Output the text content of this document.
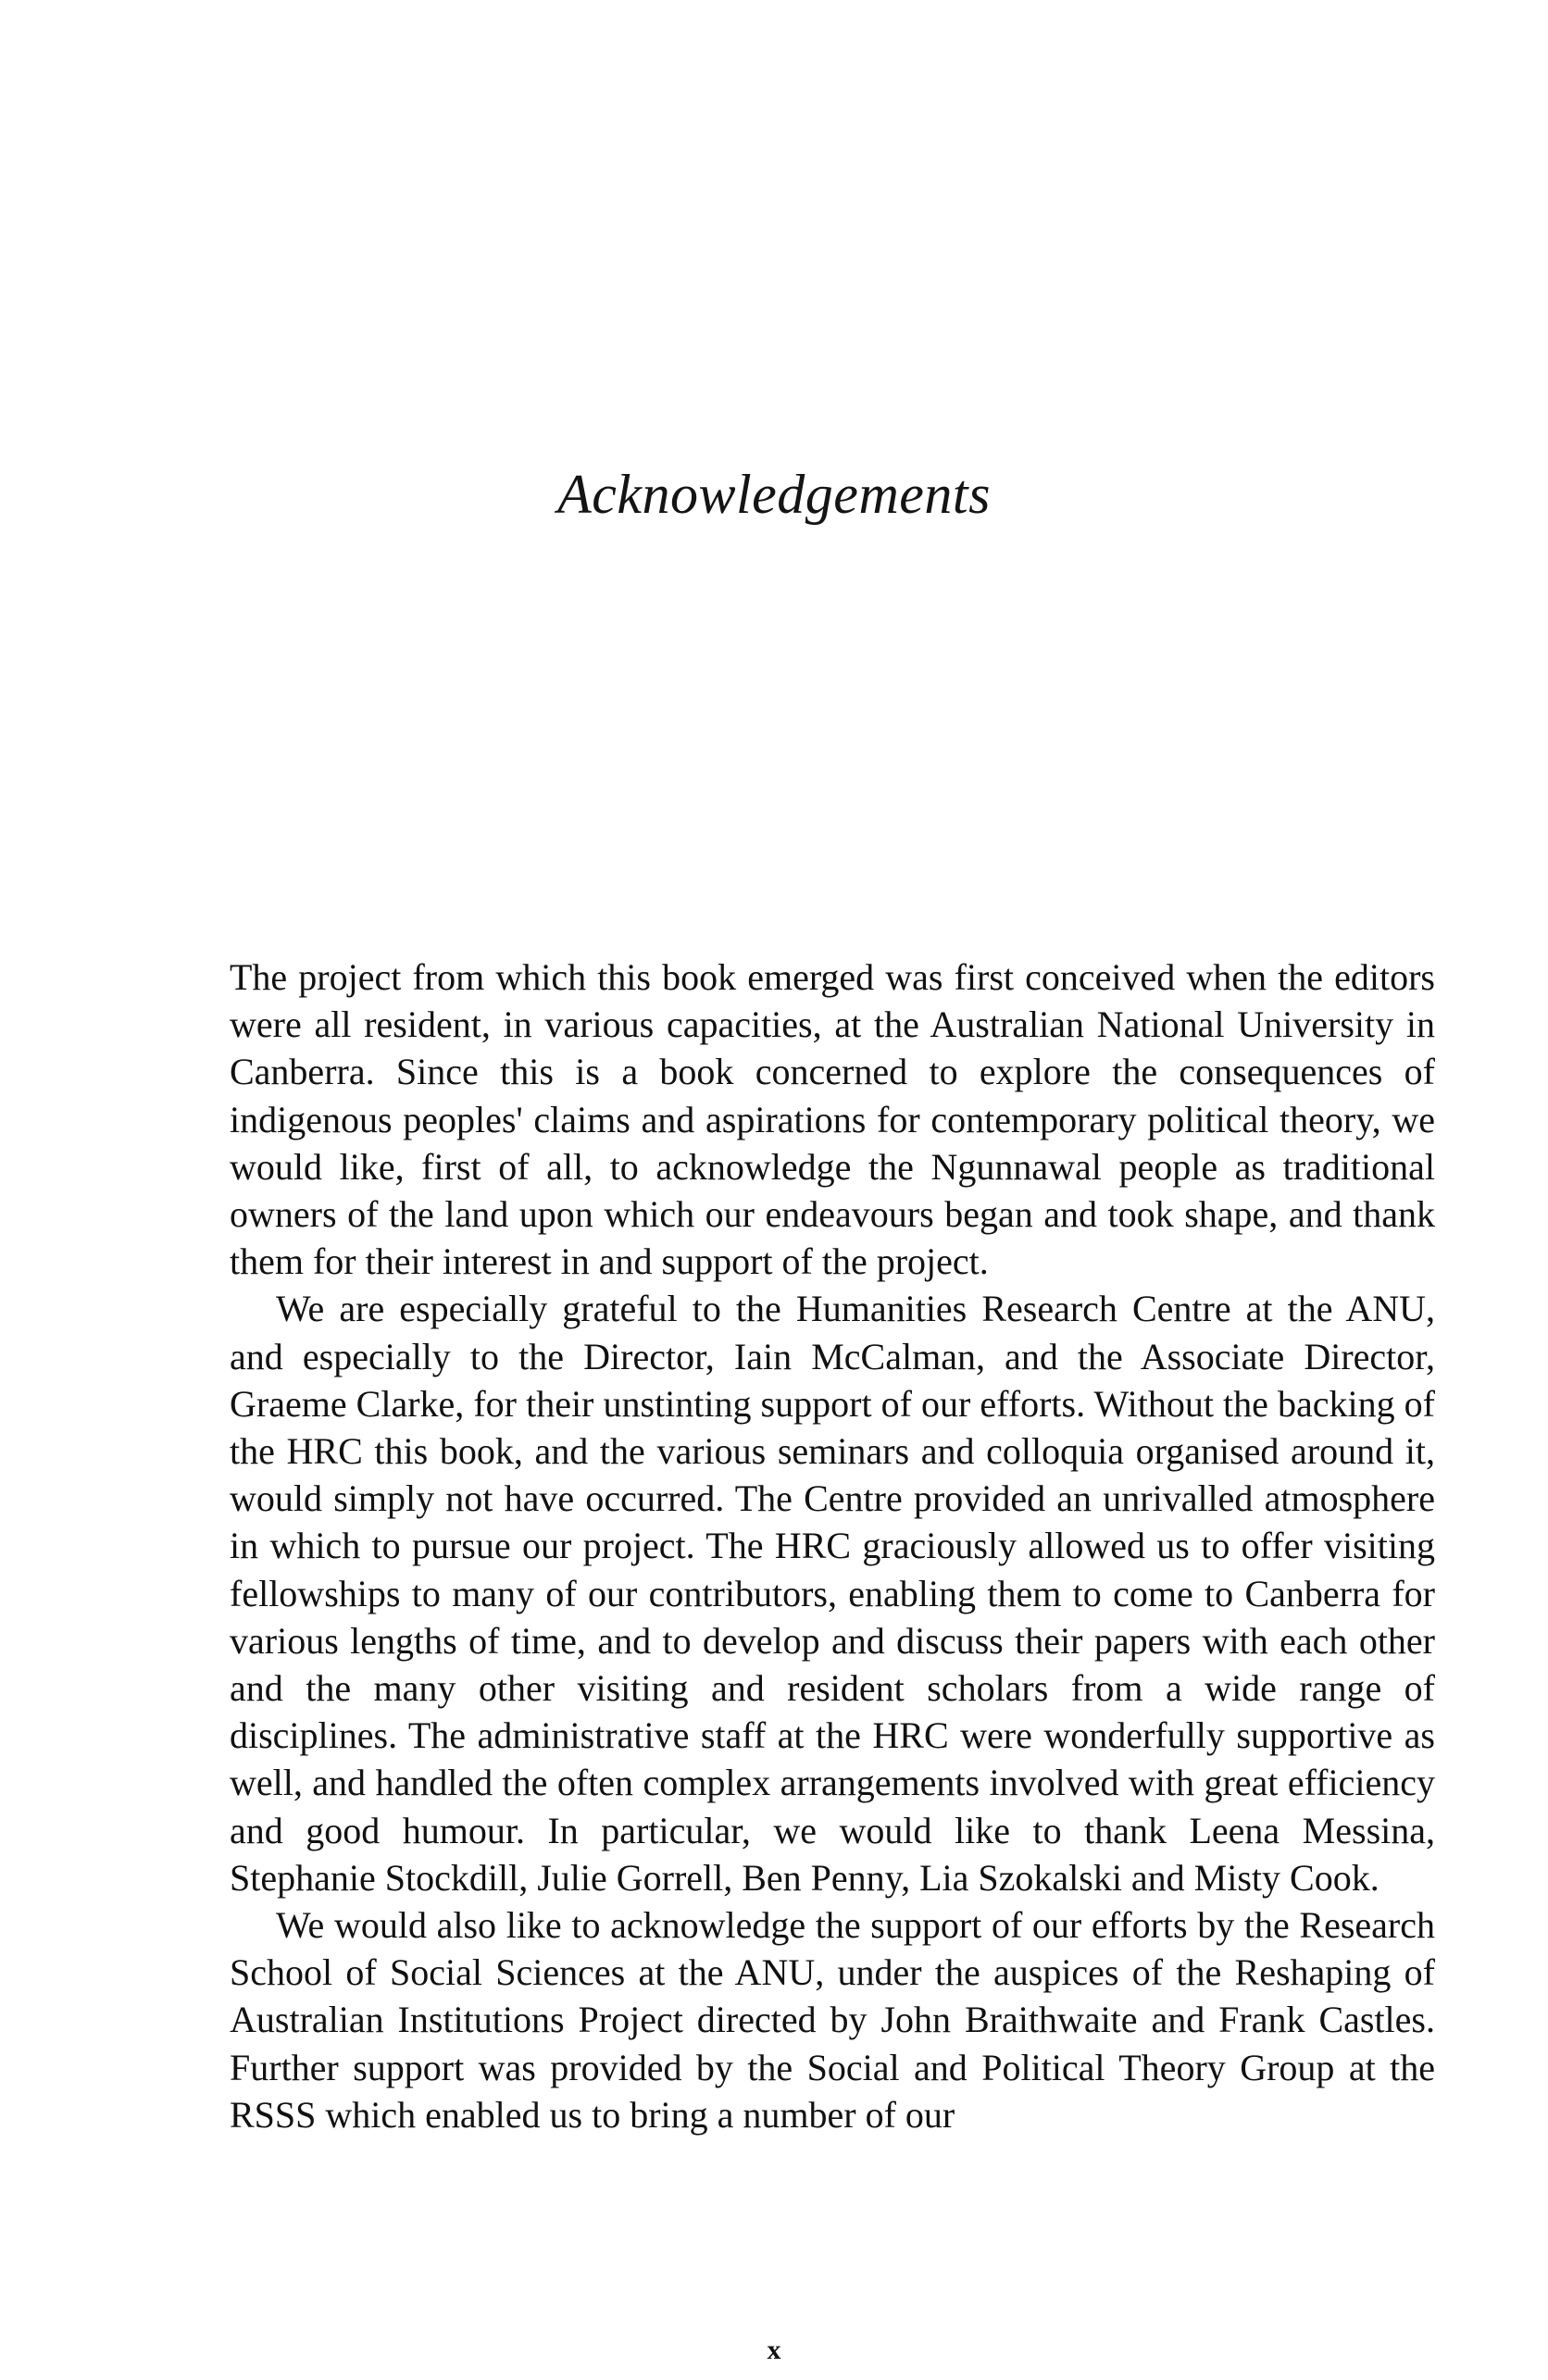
Acknowledgements

The project from which this book emerged was first conceived when the editors were all resident, in various capacities, at the Australian National University in Canberra. Since this is a book concerned to explore the consequences of indigenous peoples' claims and aspirations for contemporary political theory, we would like, first of all, to acknowledge the Ngunnawal people as traditional owners of the land upon which our endeavours began and took shape, and thank them for their interest in and support of the project.

We are especially grateful to the Humanities Research Centre at the ANU, and especially to the Director, Iain McCalman, and the Associate Director, Graeme Clarke, for their unstinting support of our efforts. Without the backing of the HRC this book, and the various seminars and colloquia organised around it, would simply not have occurred. The Centre provided an unrivalled atmosphere in which to pursue our project. The HRC graciously allowed us to offer visiting fellowships to many of our contributors, enabling them to come to Canberra for various lengths of time, and to develop and discuss their papers with each other and the many other visiting and resident scholars from a wide range of disciplines. The administrative staff at the HRC were wonderfully supportive as well, and handled the often complex arrangements involved with great efficiency and good humour. In particular, we would like to thank Leena Messina, Stephanie Stockdill, Julie Gorrell, Ben Penny, Lia Szokalski and Misty Cook.

We would also like to acknowledge the support of our efforts by the Research School of Social Sciences at the ANU, under the auspices of the Reshaping of Australian Institutions Project directed by John Braithwaite and Frank Castles. Further support was provided by the Social and Political Theory Group at the RSSS which enabled us to bring a number of our

x
